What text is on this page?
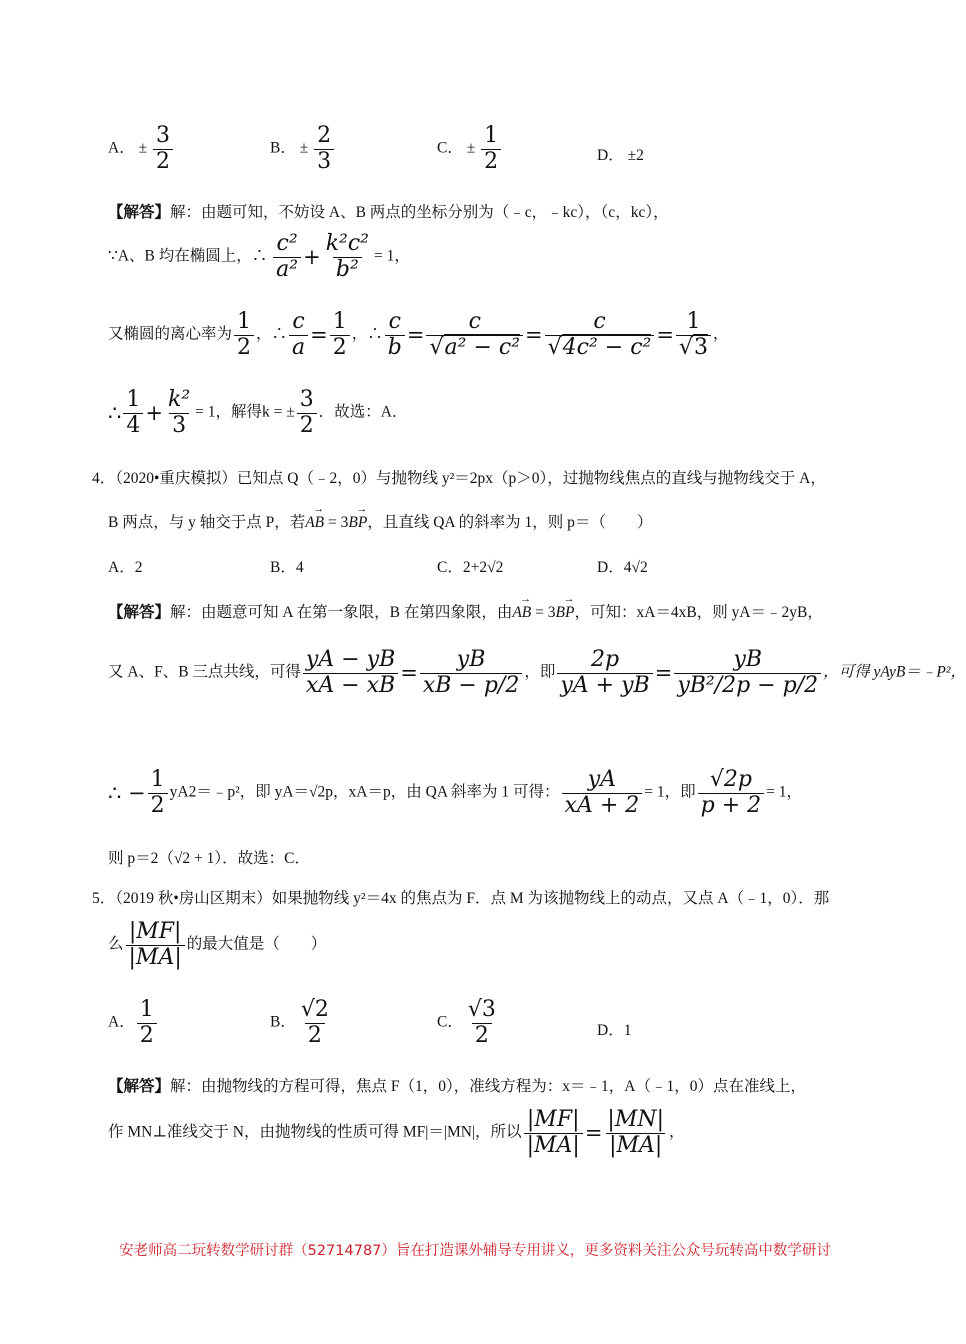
A． ± $\frac{3}{2}$	B． ± $\frac{2}{3}$	C． ± $\frac{1}{2}$	D． ±2
【解答】解：由题可知，不妨设 A、B 两点的坐标分别为（﹣c，﹣kc），（c，kc），
∵A、B 均在椭圆上，∴ $\frac{\text{c²}}{\text{a²}} + \frac{\text{k²c²}}{\text{b²}} = 1$，
又椭圆的离心率为 $\frac{1}{2}$ ，∴ $\frac{c}{a} = \frac{1}{2}$ ，∴ $\frac{c}{b} = \frac{c}{\text{√a² − c²}} = \frac{c}{\text{√4c² − c²}} = \frac{1}{√3}$ ，
∴ $\frac{1}{4} + \frac{\text{k²}}{3} = 1$，解得k = ± $\frac{3}{2}$ ．故选：A．
4．（2020•重庆模拟）已知点 Q（﹣2，0）与抛物线 y²＝2px（p＞0），过抛物线焦点的直线与抛物线交于 A，
B 两点，与 y 轴交于点 P，若→ AB = 3→ BP，且直线 QA 的斜率为 1，则 p＝（　　）
A．2	B．4	C．2+2√2	D．4√2
【解答】解：由题意可知 A 在第一象限，B 在第四象限，由→ AB = 3→ BP，可知：xA＝4xB，则 yA＝﹣2yB，
又 A、F、B 三点共线，可得 $\frac{yA - yB}{xA - xB} = \frac{yB}{xB - p/2}$ ，即 $\frac{2p}{yA + yB} = \frac{yB}{\text{yB²/2p − p/2}}$ ，可得 yAyB＝﹣P²，
∴ − $\frac{1}{2}$ yA2＝﹣p²，即 yA＝√2p，xA＝p，由 QA 斜率为 1 可得： $\frac{yA}{xA + 2} = 1$，即 $\frac{√2p}{p + 2} = 1$，
则 p＝2（√2 + 1）．故选：C．
5．（2019 秋•房山区期末）如果抛物线 y²＝4x 的焦点为 F．点 M 为该抛物线上的动点，又点 A（﹣1，0）．那
么 $\frac{|MF|}{|MA|}$ 的最大值是（　　）
A． $\frac{1}{2}$	B． $\frac{√2}{2}$	C． $\frac{√3}{2}$	D．1
【解答】解：由抛物线的方程可得，焦点 F（1，0），准线方程为：x＝﹣1，A（﹣1，0）点在准线上，
作 MN⊥准线交于 N，由抛物线的性质可得 MF|＝|MN|，所以 $\frac{|MF|}{|MA|} = \frac{|MN|}{|MA|}$ ，
安老师高二玩转数学研讨群（52714787）旨在打造课外辅导专用讲义，更多资料关注公众号玩转高中数学研讨
